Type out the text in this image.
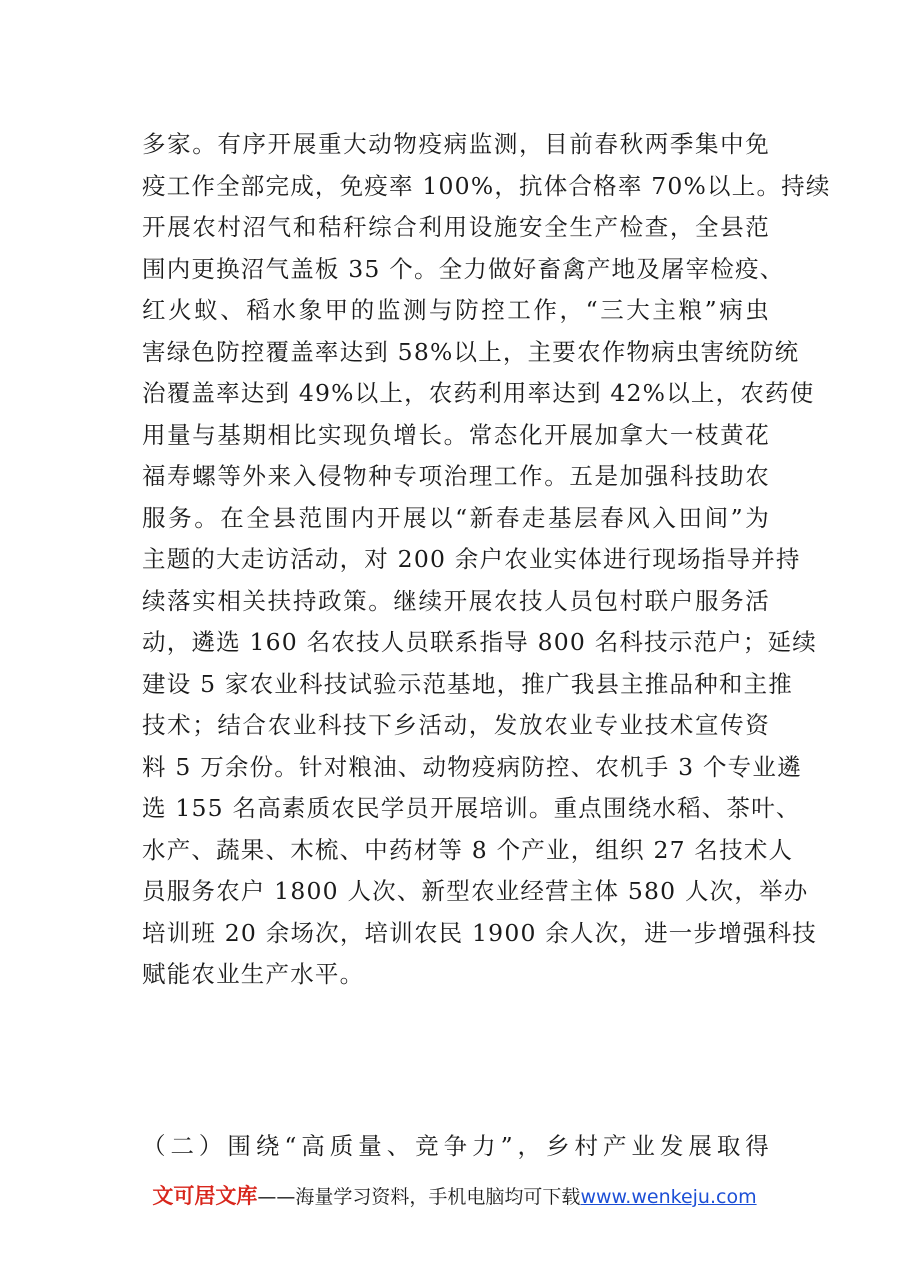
多家。有序开展重大动物疫病监测，目前春秋两季集中免
疫工作全部完成，免疫率 100%，抗体合格率 70%以上。持续
开展农村沼气和秸秆综合利用设施安全生产检查，全县范
围内更换沼气盖板 35 个。全力做好畜禽产地及屠宰检疫、
红火蚁、稻水象甲的监测与防控工作，“三大主粮”病虫
害绿色防控覆盖率达到 58%以上，主要农作物病虫害统防统
治覆盖率达到 49%以上，农药利用率达到 42%以上，农药使
用量与基期相比实现负增长。常态化开展加拿大一枝黄花
福寿螺等外来入侵物种专项治理工作。五是加强科技助农
服务。在全县范围内开展以“新春走基层春风入田间”为
主题的大走访活动，对 200 余户农业实体进行现场指导并持
续落实相关扶持政策。继续开展农技人员包村联户服务活
动，遴选 160 名农技人员联系指导 800 名科技示范户；延续
建设 5 家农业科技试验示范基地，推广我县主推品种和主推
技术；结合农业科技下乡活动，发放农业专业技术宣传资
料 5 万余份。针对粮油、动物疫病防控、农机手 3 个专业遴
选 155 名高素质农民学员开展培训。重点围绕水稻、茶叶、
水产、蔬果、木梳、中药材等 8 个产业，组织 27 名技术人
员服务农户 1800 人次、新型农业经营主体 580 人次，举办
培训班 20 余场次，培训农民 1900 余人次，进一步增强科技
赋能农业生产水平。
（二）围绕“高质量、竞争力”，乡村产业发展取得
文可居文库——海量学习资料，手机电脑均可下载www.wenkeju.com
